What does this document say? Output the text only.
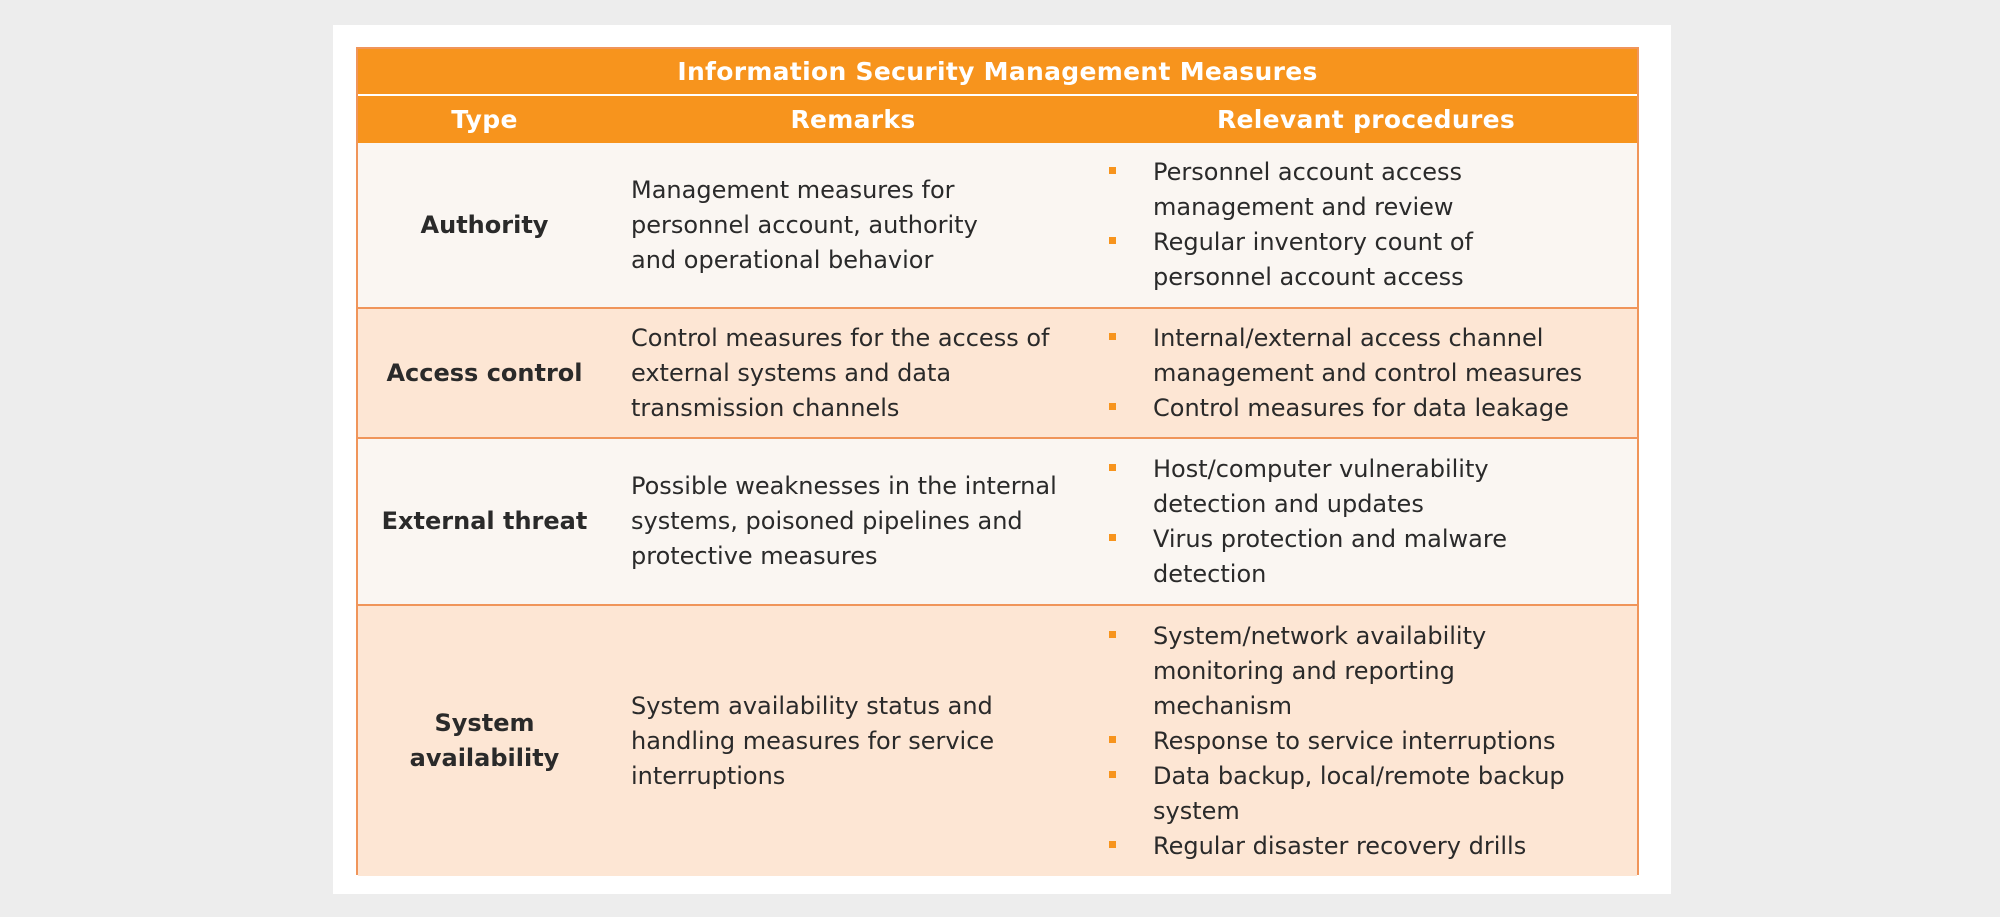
Information Security Management Measures
Type	Remarks	Relevant procedures
Authority
Management measures for personnel account, authority and operational behavior
Personnel account access management and review
Regular inventory count of personnel account access
Access control
Control measures for the access of external systems and data transmission channels
Internal/external access channel management and control measures
Control measures for data leakage
External threat
Possible weaknesses in the internal systems, poisoned pipelines and protective measures
Host/computer vulnerability detection and updates
Virus protection and malware detection
System availability
System availability status and handling measures for service interruptions
System/network availability monitoring and reporting mechanism
Response to service interruptions
Data backup, local/remote backup system
Regular disaster recovery drills
